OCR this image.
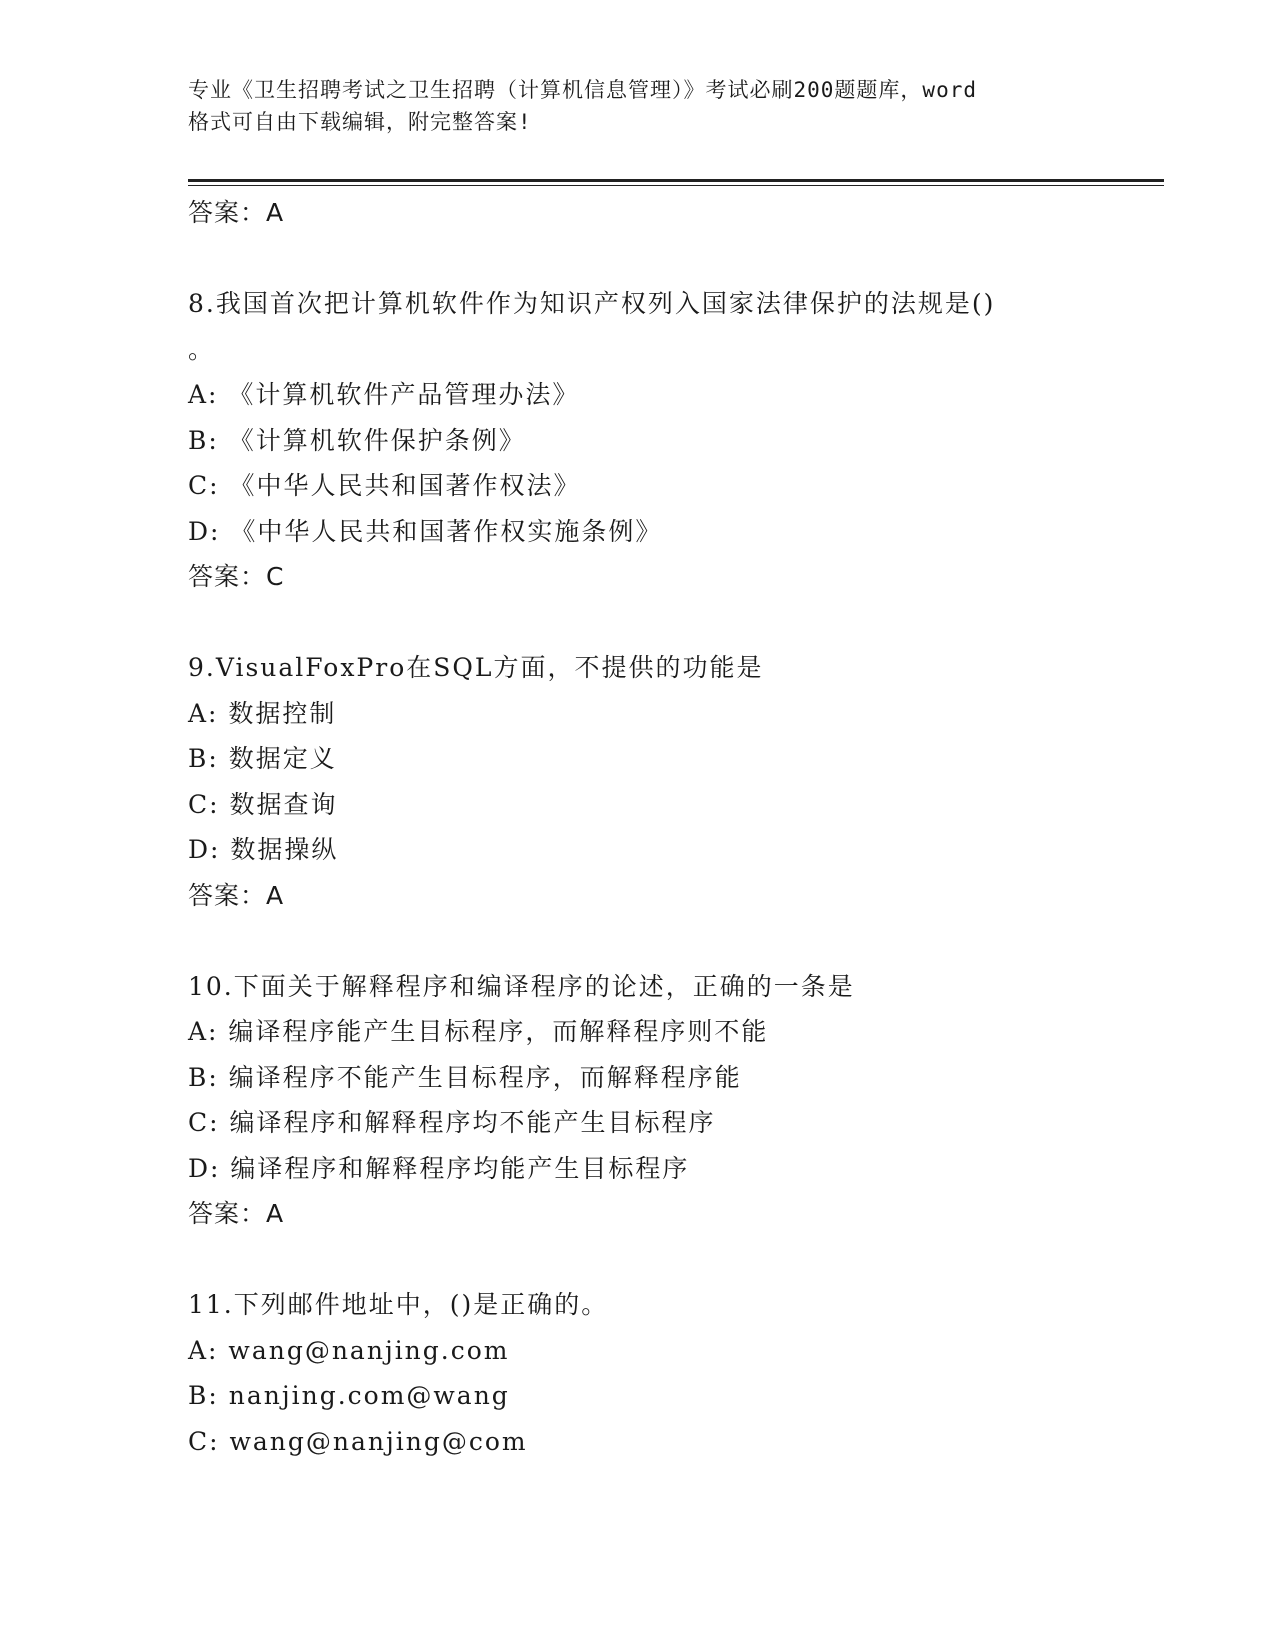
专业《卫生招聘考试之卫生招聘（计算机信息管理）》考试必刷200题题库，word
格式可自由下载编辑，附完整答案!
答案：A
8.我国首次把计算机软件作为知识产权列入国家法律保护的法规是()
。
A: 《计算机软件产品管理办法》
B: 《计算机软件保护条例》
C: 《中华人民共和国著作权法》
D: 《中华人民共和国著作权实施条例》
答案：C
9.VisualFoxPro在SQL方面，不提供的功能是
A: 数据控制
B: 数据定义
C: 数据查询
D: 数据操纵
答案：A
10.下面关于解释程序和编译程序的论述，正确的一条是
A: 编译程序能产生目标程序，而解释程序则不能
B: 编译程序不能产生目标程序，而解释程序能
C: 编译程序和解释程序均不能产生目标程序
D: 编译程序和解释程序均能产生目标程序
答案：A
11.下列邮件地址中，()是正确的。
A: wang@nanjing.com
B: nanjing.com@wang
C: wang@nanjing@com
